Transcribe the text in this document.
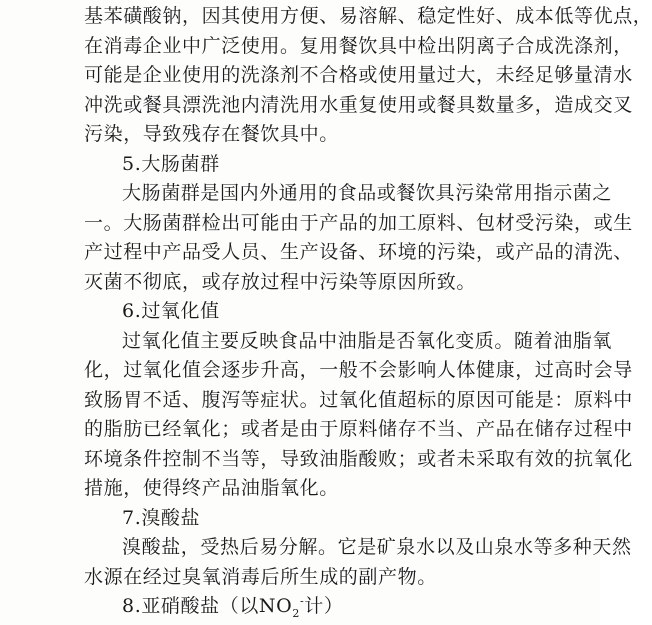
基苯磺酸钠，因其使用方便、易溶解、稳定性好、成本低等优点，
在消毒企业中广泛使用。复用餐饮具中检出阴离子合成洗涤剂，
可能是企业使用的洗涤剂不合格或使用量过大，未经足够量清水
冲洗或餐具漂洗池内清洗用水重复使用或餐具数量多，造成交叉
污染，导致残存在餐饮具中。
5.大肠菌群
大肠菌群是国内外通用的食品或餐饮具污染常用指示菌之
一。大肠菌群检出可能由于产品的加工原料、包材受污染，或生
产过程中产品受人员、生产设备、环境的污染，或产品的清洗、
灭菌不彻底，或存放过程中污染等原因所致。
6.过氧化值
过氧化值主要反映食品中油脂是否氧化变质。随着油脂氧
化，过氧化值会逐步升高，一般不会影响人体健康，过高时会导
致肠胃不适、腹泻等症状。过氧化值超标的原因可能是：原料中
的脂肪已经氧化；或者是由于原料储存不当、产品在储存过程中
环境条件控制不当等，导致油脂酸败；或者未采取有效的抗氧化
措施，使得终产品油脂氧化。
7.溴酸盐
溴酸盐，受热后易分解。它是矿泉水以及山泉水等多种天然
水源在经过臭氧消毒后所生成的副产物。
8.亚硝酸盐（以$NO_2^-$计）
